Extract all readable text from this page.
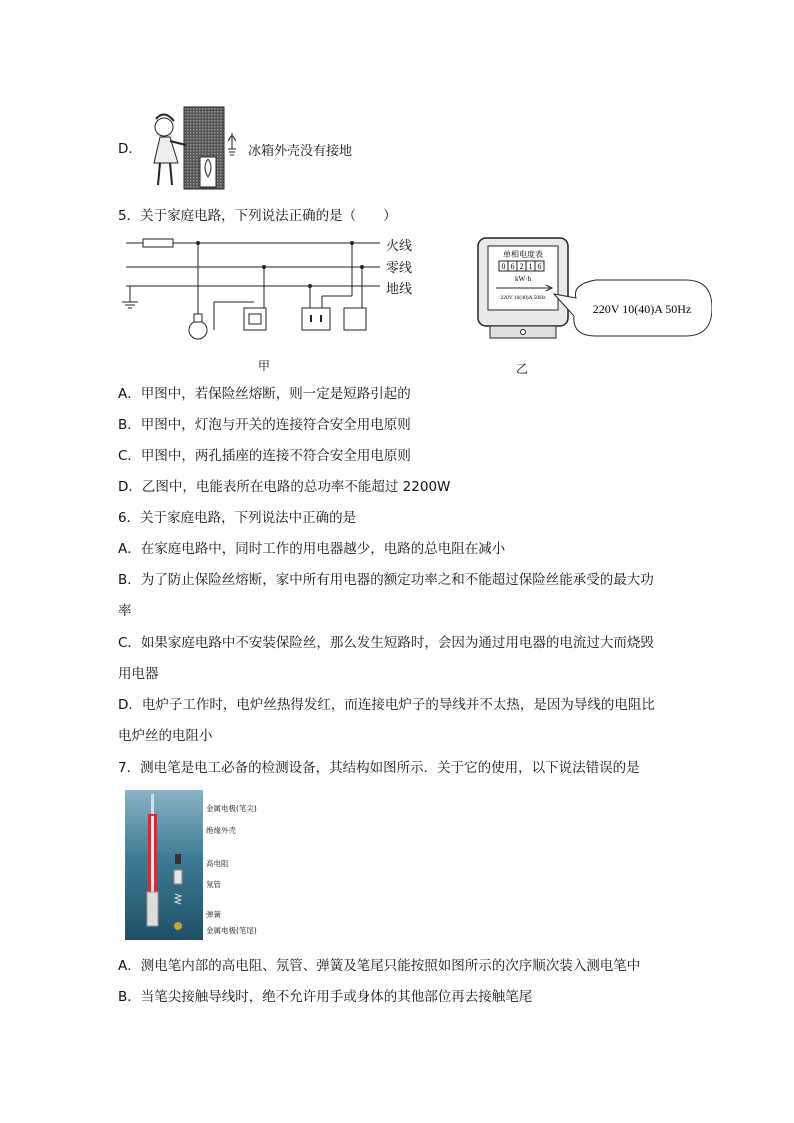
D．	冰箱外壳没有接地
5．关于家庭电路，下列说法正确的是（　　）
火线
零线
地线
甲
单相电度表
0 6 2 1 6
kW·h
220V 10(40)A 50Hz
220V 10(40)A 50Hz
乙
A．甲图中，若保险丝熔断，则一定是短路引起的
B．甲图中，灯泡与开关的连接符合安全用电原则
C．甲图中，两孔插座的连接不符合安全用电原则
D．乙图中，电能表所在电路的总功率不能超过 2200W
6．关于家庭电路，下列说法中正确的是
A．在家庭电路中，同时工作的用电器越少，电路的总电阻在减小
B．为了防止保险丝熔断，家中所有用电器的额定功率之和不能超过保险丝能承受的最大功
率
C．如果家庭电路中不安装保险丝，那么发生短路时，会因为通过用电器的电流过大而烧毁
用电器
D．电炉子工作时，电炉丝热得发红，而连接电炉子的导线并不太热，是因为导线的电阻比
电炉丝的电阻小
7．测电笔是电工必备的检测设备，其结构如图所示．关于它的使用，以下说法错误的是
金属电极(笔尖)
绝缘外壳
高电阻
氖管
弹簧
金属电极(笔尾)
A．测电笔内部的高电阻、氖管、弹簧及笔尾只能按照如图所示的次序顺次装入测电笔中
B．当笔尖接触导线时，绝不允许用手或身体的其他部位再去接触笔尾
